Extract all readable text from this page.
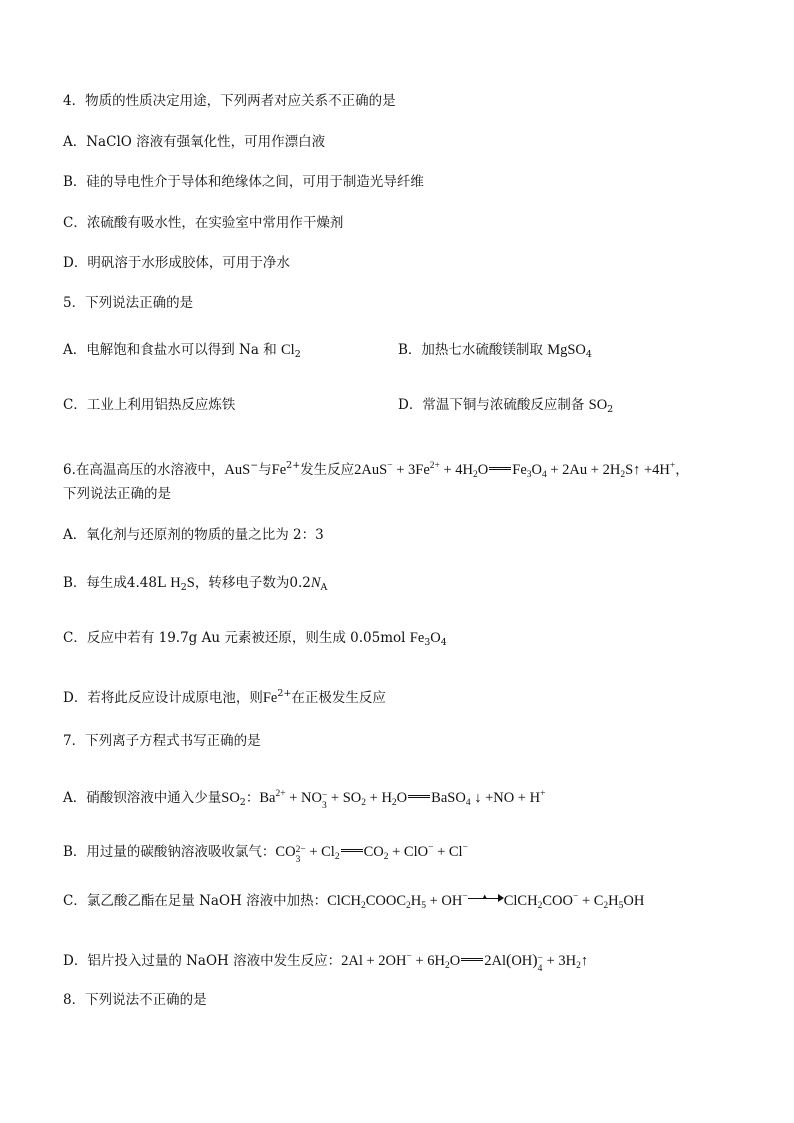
4．物质的性质决定用途，下列两者对应关系不正确的是
A．NaClO 溶液有强氧化性，可用作漂白液
B．硅的导电性介于导体和绝缘体之间，可用于制造光导纤维
C．浓硫酸有吸水性，在实验室中常用作干燥剂
D．明矾溶于水形成胶体，可用于净水
5．下列说法正确的是
A．电解饱和食盐水可以得到 Na 和 $Cl_2$	B．加热七水硫酸镁制取 MgSO$_4$
C．工业上利用铝热反应炼铁	D．常温下铜与浓硫酸反应制备 $SO_2$
6.在高温高压的水溶液中，AuS−与$Fe^{2+}$发生反应$2AuS^- + 3Fe^{2+} + 4H_2O$ $Fe_3O_4 + 2Au$ + $2H_2S↑ +4H^+$，
下列说法正确的是
A．氧化剂与还原剂的物质的量之比为 2：3
B．每生成4.48L $H_2S$，转移电子数为$0.2N_A$
C．反应中若有 19.7g Au 元素被还原，则生成 0.05mol $Fe_3O_4$
D．若将此反应设计成原电池，则$Fe^{2+}$在正极发生反应
7．下列离子方程式书写正确的是
A．硝酸钡溶液中通入少量$SO_2$：$Ba^{2+}$ + NO −
$3 + SO_2 + H_2O$ BaSO$_4$ ↓ +NO + H+
B．用过量的碳酸钠溶液吸收氯气：CO 2−
$3 + Cl_2$ $CO_2 + ClO^- + Cl^-$
C．氯乙酸乙酯在足量 NaOH 溶液中加热：$ClCH_2COOC_2H_5 + OH^-$ ▲ ClCH$_2$COO− + $C_2H_5OH$
D．铝片投入过量的 NaOH 溶液中发生反应：$2Al + 2OH^- + 6H_2O$ 2Al(OH) −
$4 + 3H_2↑$
8．下列说法不正确的是
